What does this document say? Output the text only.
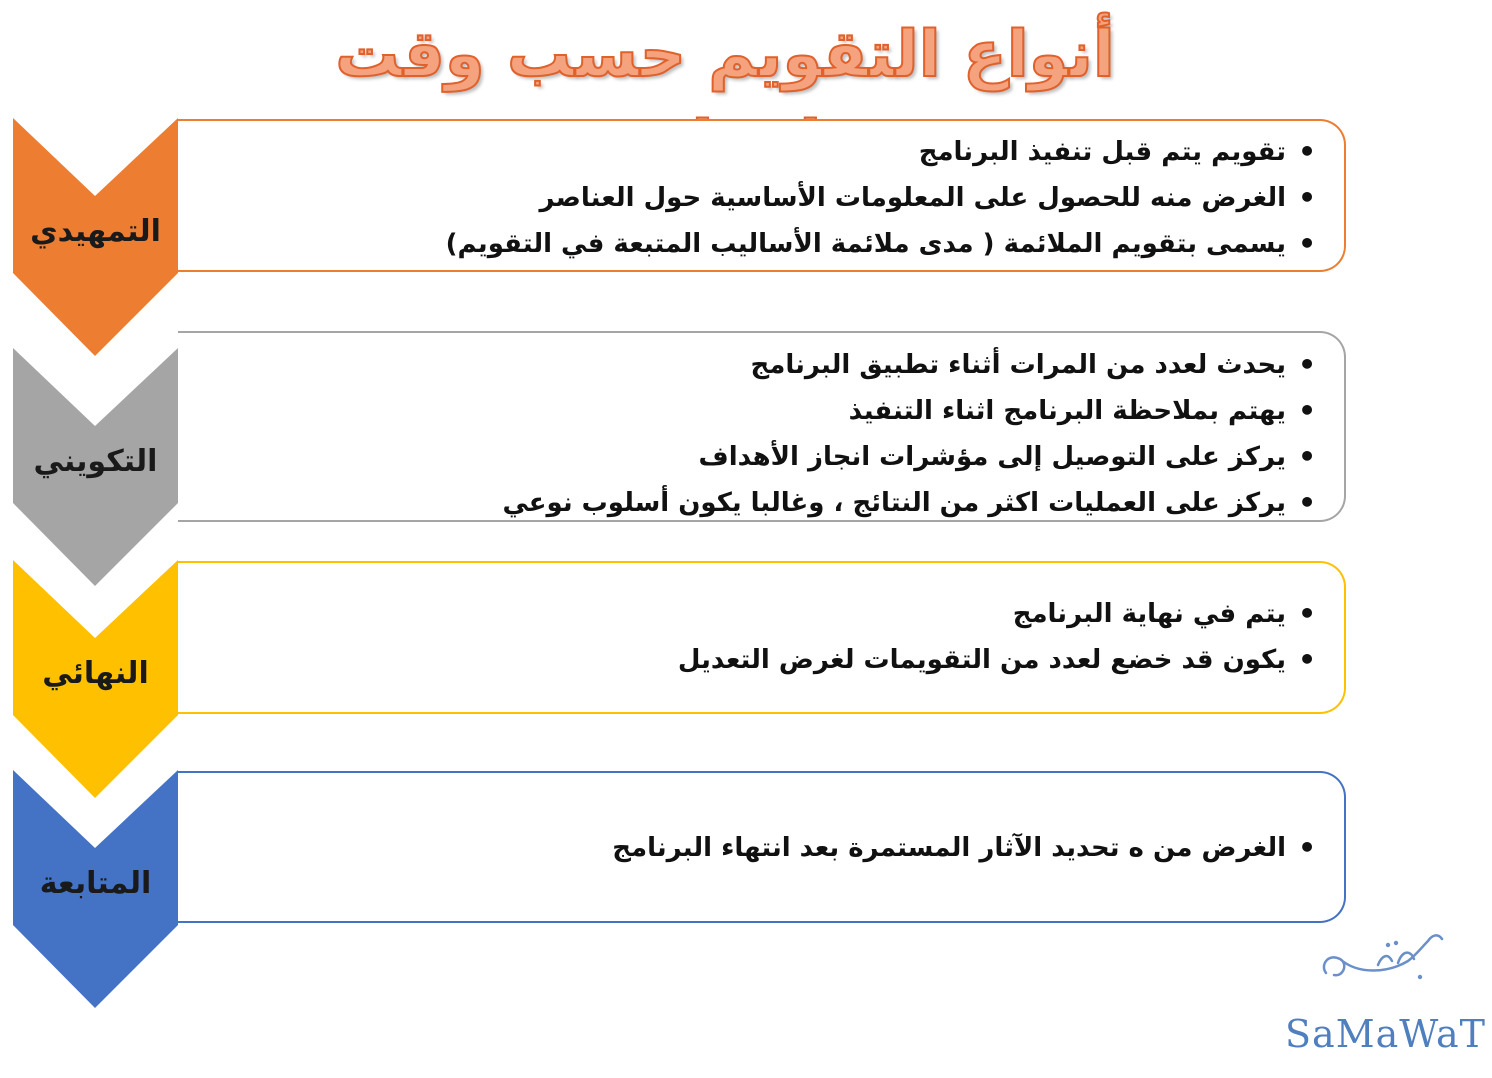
أنواع التقويم حسب وقت
التمهيدي
• تقويم يتم قبل تنفيذ البرنامج
• الغرض منه للحصول على المعلومات الأساسية حول العناصر
• يسمى بتقويم الملائمة ( مدى ملائمة الأساليب المتبعة في التقويم)
التكويني
• يحدث لعدد من المرات أثناء تطبيق البرنامج
• يهتم بملاحظة البرنامج اثناء التنفيذ
• يركز على التوصيل إلى مؤشرات انجاز الأهداف
• يركز على العمليات اكثر من النتائج ، وغالبا يكون أسلوب نوعي
النهائي
• يتم في نهاية البرنامج
• يكون قد خضع لعدد من التقويمات لغرض التعديل
المتابعة
• الغرض من ه تحديد الآثار المستمرة بعد انتهاء البرنامج
SaMaWaT
